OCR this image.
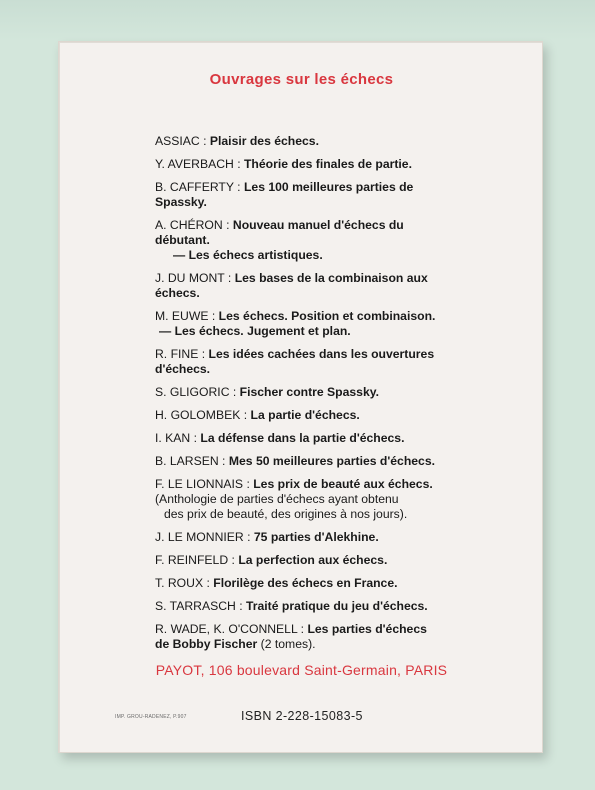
Ouvrages sur les échecs
ASSIAC : Plaisir des échecs.
Y. AVERBACH : Théorie des finales de partie.
B. CAFFERTY : Les 100 meilleures parties de
Spassky.
A. CHÉRON : Nouveau manuel d'échecs du
débutant.
— Les échecs artistiques.
J. DU MONT : Les bases de la combinaison aux
échecs.
M. EUWE : Les échecs. Position et combinaison.
— Les échecs. Jugement et plan.
R. FINE : Les idées cachées dans les ouvertures
d'échecs.
S. GLIGORIC : Fischer contre Spassky.
H. GOLOMBEK : La partie d'échecs.
I. KAN : La défense dans la partie d'échecs.
B. LARSEN : Mes 50 meilleures parties d'échecs.
F. LE LIONNAIS : Les prix de beauté aux échecs.
(Anthologie de parties d'échecs ayant obtenu
des prix de beauté, des origines à nos jours).
J. LE MONNIER : 75 parties d'Alekhine.
F. REINFELD : La perfection aux échecs.
T. ROUX : Florilège des échecs en France.
S. TARRASCH : Traité pratique du jeu d'échecs.
R. WADE, K. O'CONNELL : Les parties d'échecs
de Bobby Fischer (2 tomes).
PAYOT, 106 boulevard Saint-Germain, PARIS
IMP. GROU-RADENEZ, P.907	ISBN 2-228-15083-5
